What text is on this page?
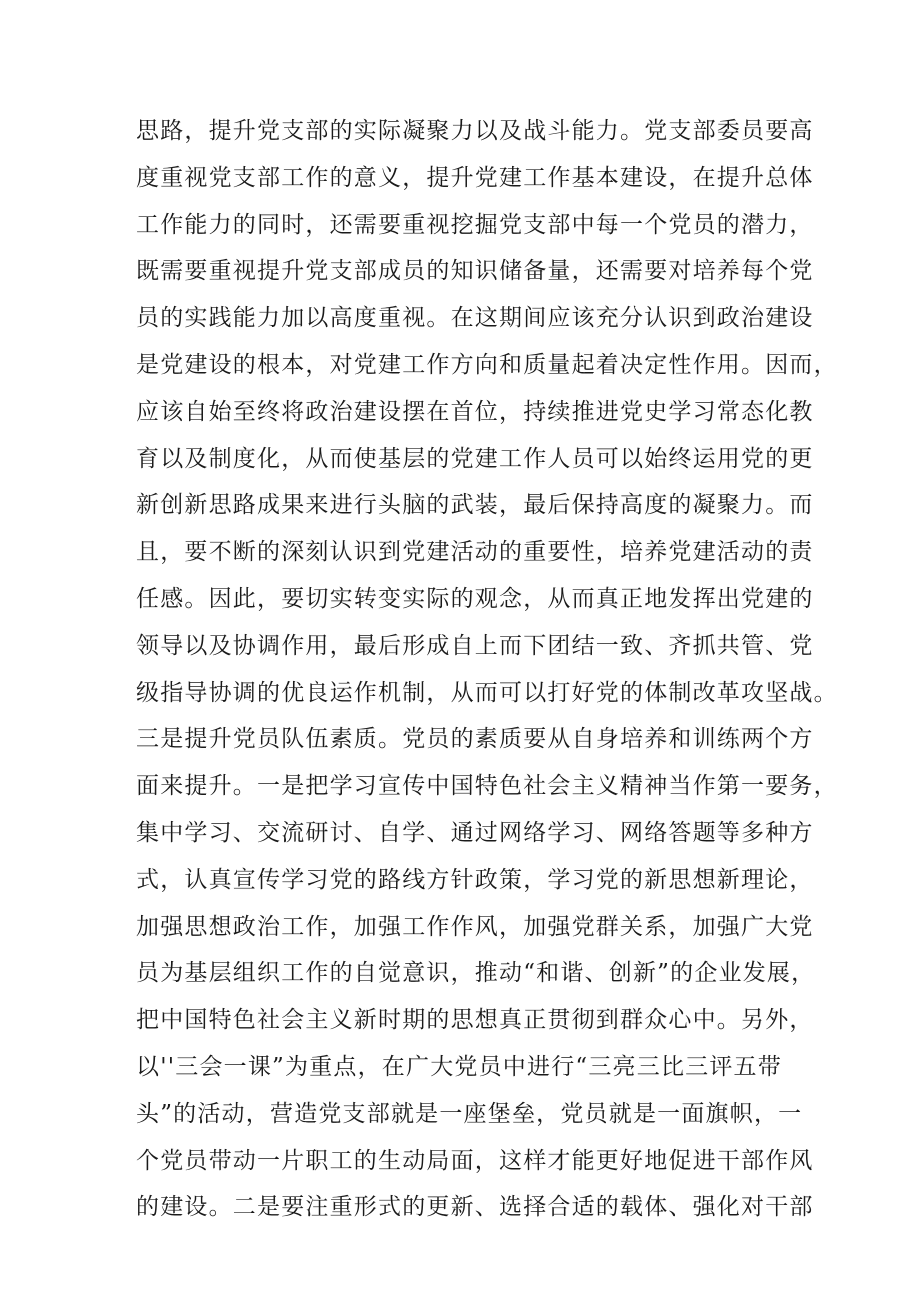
思路，提升党支部的实际凝聚力以及战斗能力。党支部委员要高
度重视党支部工作的意义，提升党建工作基本建设，在提升总体
工作能力的同时，还需要重视挖掘党支部中每一个党员的潜力，
既需要重视提升党支部成员的知识储备量，还需要对培养每个党
员的实践能力加以高度重视。在这期间应该充分认识到政治建设
是党建设的根本，对党建工作方向和质量起着决定性作用。因而，
应该自始至终将政治建设摆在首位，持续推进党史学习常态化教
育以及制度化，从而使基层的党建工作人员可以始终运用党的更
新创新思路成果来进行头脑的武装，最后保持高度的凝聚力。而
且，要不断的深刻认识到党建活动的重要性，培养党建活动的责
任感。因此，要切实转变实际的观念，从而真正地发挥出党建的
领导以及协调作用，最后形成自上而下团结一致、齐抓共管、党
级指导协调的优良运作机制，从而可以打好党的体制改革攻坚战。
三是提升党员队伍素质。党员的素质要从自身培养和训练两个方
面来提升。一是把学习宣传中国特色社会主义精神当作第一要务，
集中学习、交流研讨、自学、通过网络学习、网络答题等多种方
式，认真宣传学习党的路线方针政策，学习党的新思想新理论，
加强思想政治工作，加强工作作风，加强党群关系，加强广大党
员为基层组织工作的自觉意识，推动“和谐、创新”的企业发展，
把中国特色社会主义新时期的思想真正贯彻到群众心中。另外，
以''三会一课”为重点，在广大党员中进行“三亮三比三评五带
头”的活动，营造党支部就是一座堡垒，党员就是一面旗帜，一
个党员带动一片职工的生动局面，这样才能更好地促进干部作风
的建设。二是要注重形式的更新、选择合适的载体、强化对干部
